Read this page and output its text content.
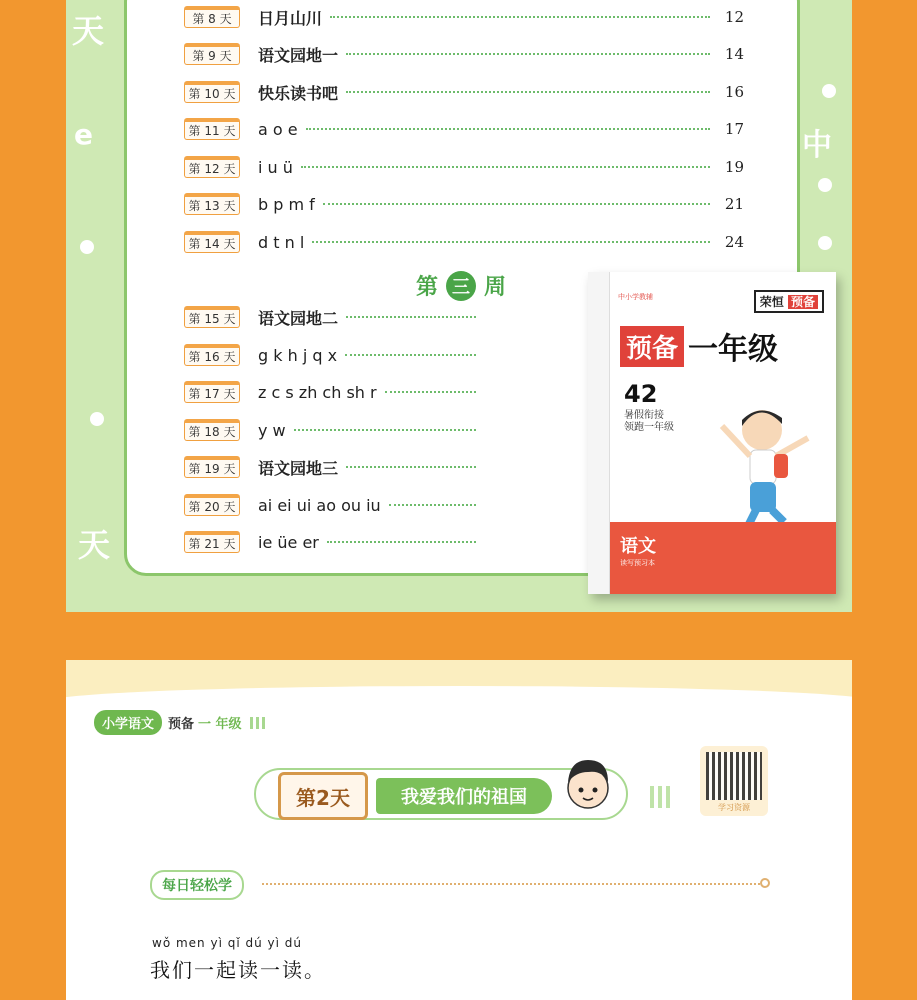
天
e	中
天
第 8 天	日月山川	12
第 9 天	语文园地一	14
第 10 天 快乐读书吧	16
第 11 天 a o e	17
第 12 天 i u ü	19
第 13 天 b p m f	21
第 14 天 d t n l	24
第 15 天 语文园地二
第 16 天 g k h j q x
第 17 天 z c s zh ch sh r
第 18 天 y w
第 19 天 语文园地三
第 20 天 ai ei ui ao ou iu
第 21 天 ie üe er
第 三 周	中小学教辅	荣恒 预备
预备 一年级
42
暑假衔接 领跑一年级
语文
读写预习本
小学语文	预备 一 年级
第2天	我爱我们的祖国	学习资源
每日轻松学
wǒ men yì qǐ dú yì dú
我们一起读一读。
